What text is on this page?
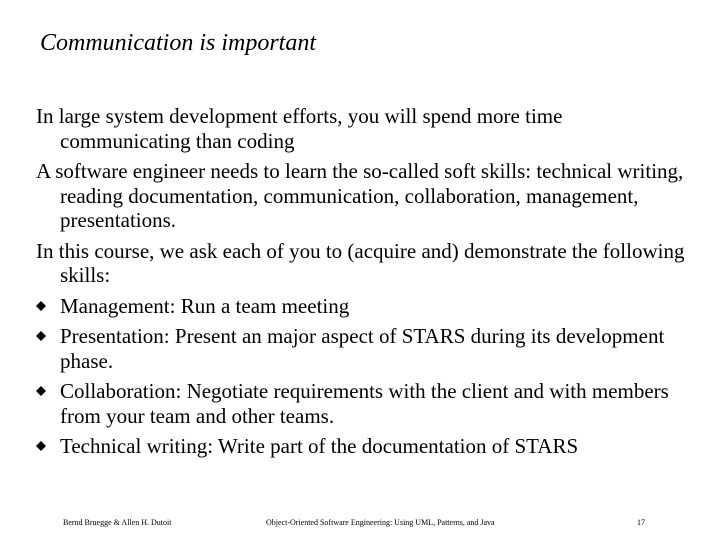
Communication is important

In large system development efforts, you will spend more time communicating than coding

A software engineer needs to learn the so-called soft skills: technical writing, reading documentation, communication, collaboration, management, presentations.

In this course, we ask each of you to (acquire and) demonstrate the following skills:

Management: Run a team meeting
Presentation: Present an major aspect of STARS during its development phase.
Collaboration: Negotiate requirements with the client and with members from your team and other teams.
Technical writing: Write part of the documentation of STARS
Bernd Bruegge & Allen H. Dutoit	Object-Oriented Software Engineering: Using UML, Patterns, and Java	17
